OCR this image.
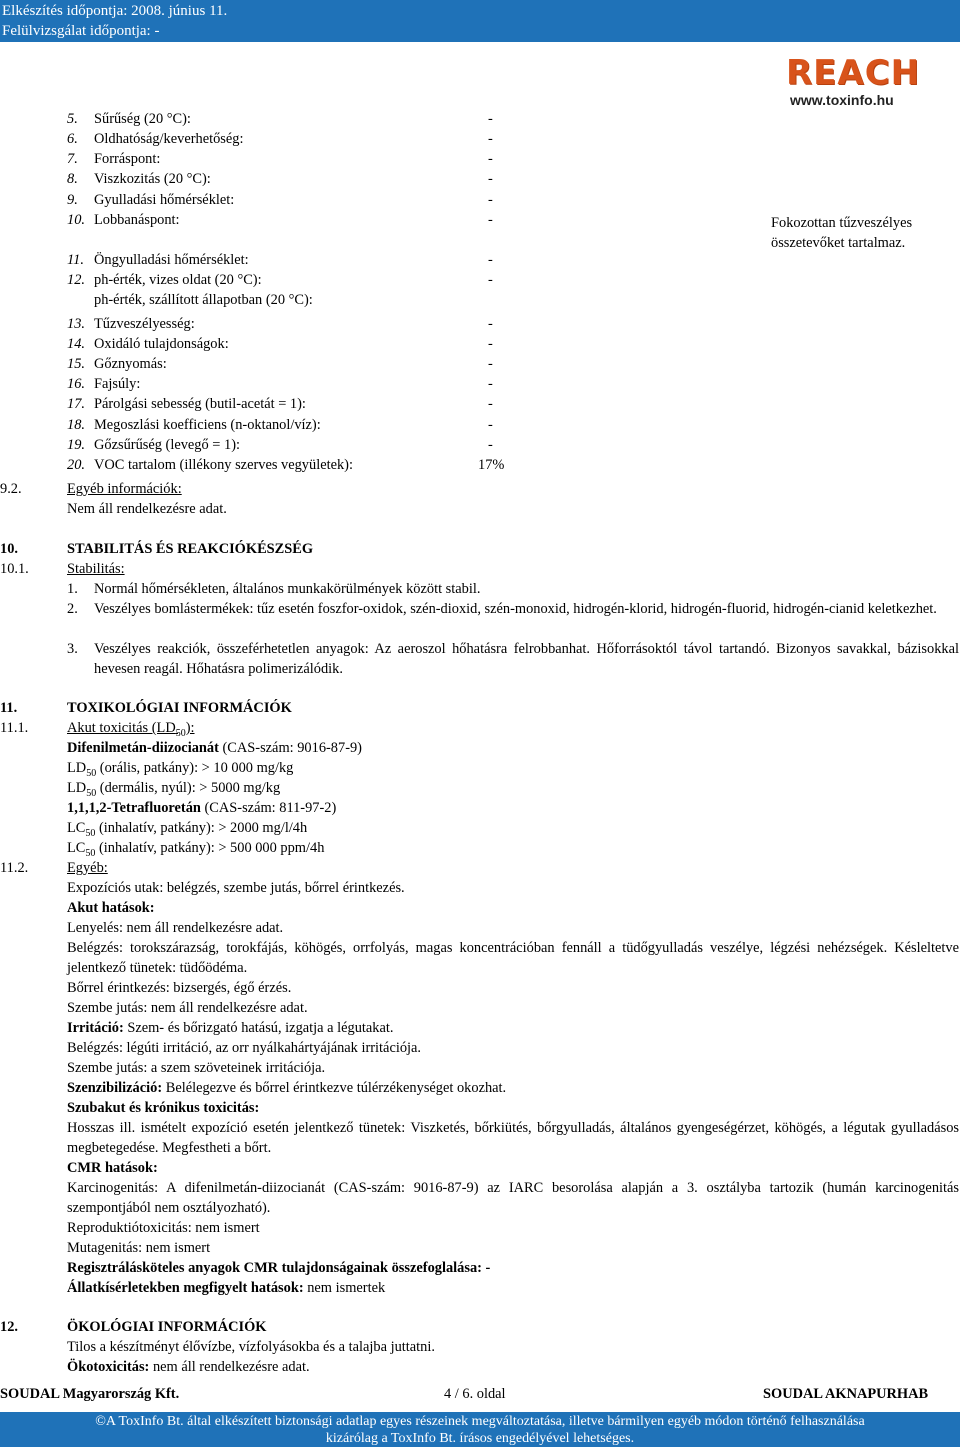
Elkészítés időpontja: 2008. június 11.
Felülvizsgálat időpontja: -
REACH
www.toxinfo.hu
5. Sűrűség (20 °C):	-
6. Oldhatóság/keverhetőség:	-
7. Forráspont:	-
8. Viszkozitás (20 °C):	-
9. Gyulladási hőmérséklet:	-
10. Lobbanáspont:	-
11. Öngyulladási hőmérséklet:	-
12. ph-érték, vizes oldat (20 °C):	-
ph-érték, szállított állapotban (20 °C):
13. Tűzveszélyesség:	-
14. Oxidáló tulajdonságok:	-
15. Gőznyomás:	-
16. Fajsúly:	-
17. Párolgási sebesség (butil-acetát = 1):	-
18. Megoszlási koefficiens (n-oktanol/víz):	-
19. Gőzsűrűség (levegő = 1):	-
20. VOC tartalom (illékony szerves vegyületek):	17%
Fokozottan tűzveszélyes
összetevőket tartalmaz.
9.2.	Egyéb információk:
Nem áll rendelkezésre adat.
10.	STABILITÁS ÉS REAKCIÓKÉSZSÉG
10.1.	Stabilitás:
1. Normál hőmérsékleten, általános munkakörülmények között stabil.
2. Veszélyes bomlástermékek: tűz esetén foszfor-oxidok, szén-dioxid, szén-monoxid, hidrogén-klorid, hidrogén-fluorid, hidrogén-cianid keletkezhet.
3. Veszélyes reakciók, összeférhetetlen anyagok: Az aeroszol hőhatásra felrobbanhat. Hőforrásoktól távol tartandó. Bizonyos savakkal, bázisokkal hevesen reagál. Hőhatásra polimerizálódik.
11.	TOXIKOLÓGIAI INFORMÁCIÓK
11.1.	Akut toxicitás $(LD_{50})$:
Difenilmetán-diizocianát (CAS-szám: 9016-87-9)
$LD_{50}$ (orális, patkány): > 10 000 mg/kg
$LD_{50}$ (dermális, nyúl): > 5000 mg/kg
1,1,1,2-Tetrafluoretán (CAS-szám: 811-97-2)
$LC_{50}$ (inhalatív, patkány): > 2000 mg/l/4h
$LC_{50}$ (inhalatív, patkány): > 500 000 ppm/4h
11.2.	Egyéb:
Expozíciós utak: belégzés, szembe jutás, bőrrel érintkezés.
Akut hatások:
Lenyelés: nem áll rendelkezésre adat.
Belégzés: torokszárazság, torokfájás, köhögés, orrfolyás, magas koncentrációban fennáll a tüdőgyulladás veszélye, légzési nehézségek. Késleltetve jelentkező tünetek: tüdőödéma.
Bőrrel érintkezés: bizsergés, égő érzés.
Szembe jutás: nem áll rendelkezésre adat.
Irritáció: Szem- és bőrizgató hatású, izgatja a légutakat.
Belégzés: légúti irritáció, az orr nyálkahártyájának irritációja.
Szembe jutás: a szem szöveteinek irritációja.
Szenzibilizáció: Belélegezve és bőrrel érintkezve túlérzékenységet okozhat.
Szubakut és krónikus toxicitás:
Hosszas ill. ismételt expozíció esetén jelentkező tünetek: Viszketés, bőrkiütés, bőrgyulladás, általános gyengeségérzet, köhögés, a légutak gyulladásos megbetegedése. Megfestheti a bőrt.
CMR hatások:
Karcinogenitás: A difenilmetán-diizocianát (CAS-szám: 9016-87-9) az IARC besorolása alapján a 3. osztályba tartozik (humán karcinogenitás szempontjából nem osztályozható).
Reproduktiótoxicitás: nem ismert
Mutagenitás: nem ismert
Regisztrálásköteles anyagok CMR tulajdonságainak összefoglalása: -
Állatkísérletekben megfigyelt hatások: nem ismertek
12.	ÖKOLÓGIAI INFORMÁCIÓK
Tilos a készítményt élővízbe, vízfolyásokba és a talajba juttatni.
Ökotoxicitás: nem áll rendelkezésre adat.
SOUDAL Magyarország Kft.	4 / 6. oldal	SOUDAL AKNAPURHAB
©A ToxInfo Bt. által elkészített biztonsági adatlap egyes részeinek megváltoztatása, illetve bármilyen egyéb módon történő felhasználása
kizárólag a ToxInfo Bt. írásos engedélyével lehetséges.
